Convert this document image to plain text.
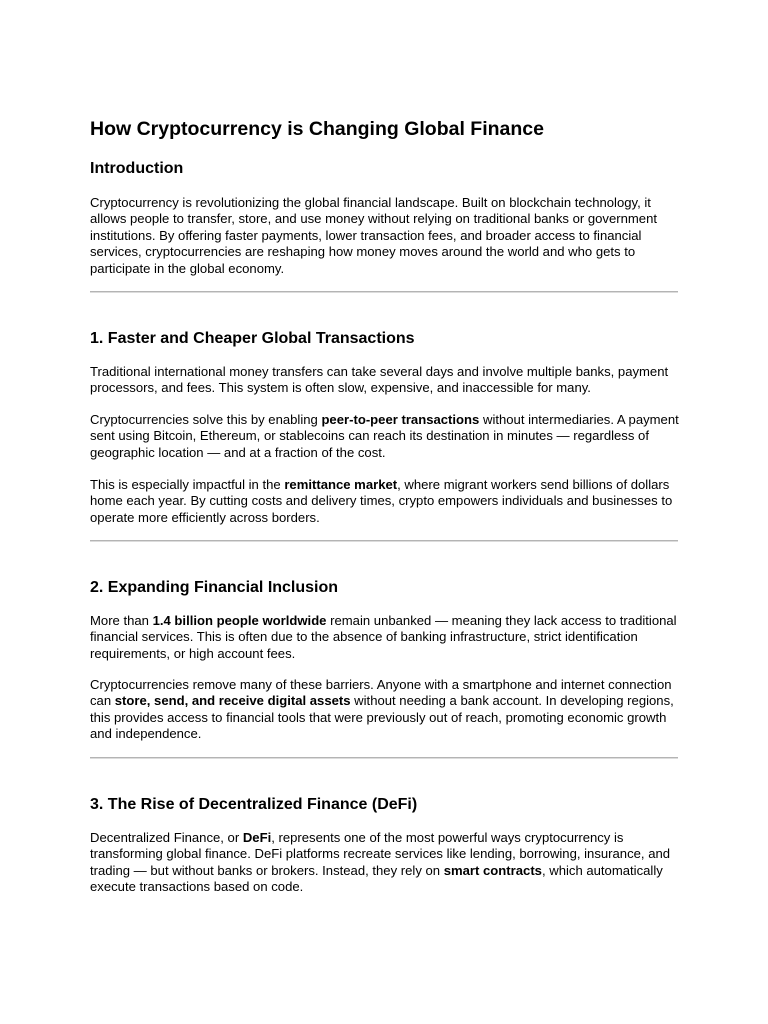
How Cryptocurrency is Changing Global Finance
Introduction

Cryptocurrency is revolutionizing the global financial landscape. Built on blockchain technology, it allows people to transfer, store, and use money without relying on traditional banks or government institutions. By offering faster payments, lower transaction fees, and broader access to financial services, cryptocurrencies are reshaping how money moves around the world and who gets to participate in the global economy.

1. Faster and Cheaper Global Transactions

Traditional international money transfers can take several days and involve multiple banks, payment processors, and fees. This system is often slow, expensive, and inaccessible for many.

Cryptocurrencies solve this by enabling peer-to-peer transactions without intermediaries. A payment sent using Bitcoin, Ethereum, or stablecoins can reach its destination in minutes — regardless of geographic location — and at a fraction of the cost.

This is especially impactful in the remittance market, where migrant workers send billions of dollars home each year. By cutting costs and delivery times, crypto empowers individuals and businesses to operate more efficiently across borders.

2. Expanding Financial Inclusion

More than 1.4 billion people worldwide remain unbanked — meaning they lack access to traditional financial services. This is often due to the absence of banking infrastructure, strict identification requirements, or high account fees.

Cryptocurrencies remove many of these barriers. Anyone with a smartphone and internet connection can store, send, and receive digital assets without needing a bank account. In developing regions, this provides access to financial tools that were previously out of reach, promoting economic growth and independence.

3. The Rise of Decentralized Finance (DeFi)

Decentralized Finance, or DeFi, represents one of the most powerful ways cryptocurrency is transforming global finance. DeFi platforms recreate services like lending, borrowing, insurance, and trading — but without banks or brokers. Instead, they rely on smart contracts, which automatically execute transactions based on code.
